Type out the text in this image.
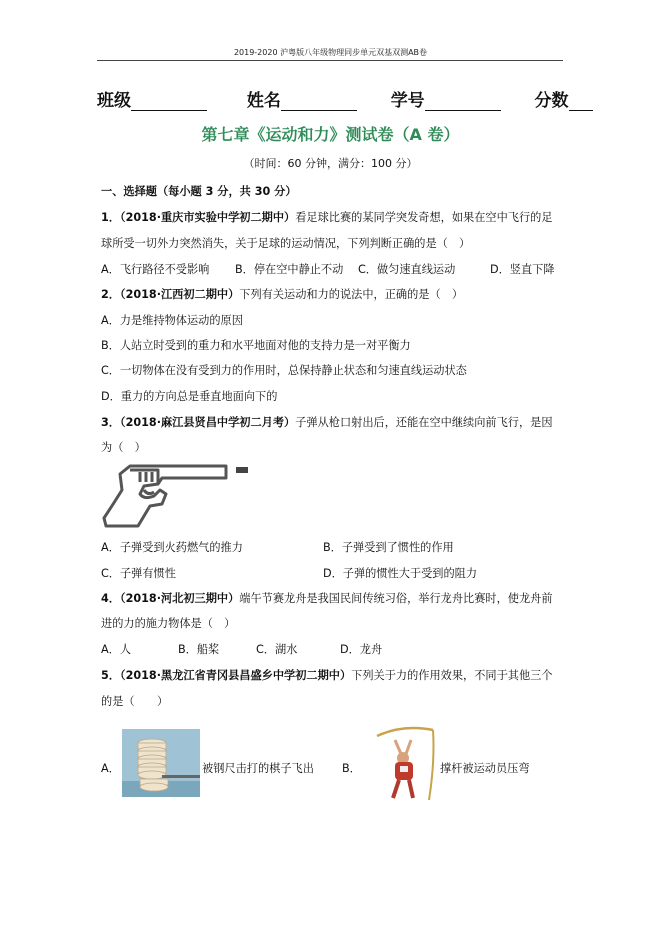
2019-2020 沪粤版八年级物理同步单元双基双测AB卷
班级	姓名	学号	分数
第七章《运动和力》测试卷（A 卷）
（时间：60 分钟，满分：100 分）
一、选择题（每小题 3 分，共 30 分）
1．（2018·重庆市实验中学初二期中）看足球比赛的某同学突发奇想，如果在空中飞行的足
球所受一切外力突然消失，关于足球的运动情况，下列判断正确的是（　）
A．飞行路径不受影响 B．停在空中静止不动 C．做匀速直线运动	D．竖直下降
2．（2018·江西初二期中）下列有关运动和力的说法中，正确的是（　）
A．力是维持物体运动的原因
B．人站立时受到的重力和水平地面对他的支持力是一对平衡力
C．一切物体在没有受到力的作用时，总保持静止状态和匀速直线运动状态
D．重力的方向总是垂直地面向下的
3．（2018·麻江县贤昌中学初二月考）子弹从枪口射出后，还能在空中继续向前飞行，是因
为（　）
A．子弹受到火药燃气的推力	B．子弹受到了惯性的作用
C．子弹有惯性	D．子弹的惯性大于受到的阻力
4．（2018·河北初三期中）端午节赛龙舟是我国民间传统习俗，举行龙舟比赛时，使龙舟前
进的力的施力物体是（　）
A．人	B．船桨	C．湖水	D．龙舟
5．（2018·黑龙江省青冈县昌盛乡中学初二期中）下列关于力的作用效果，不同于其他三个
的是（　　）
A．	被钢尺击打的棋子飞出	B．	撑杆被运动员压弯
